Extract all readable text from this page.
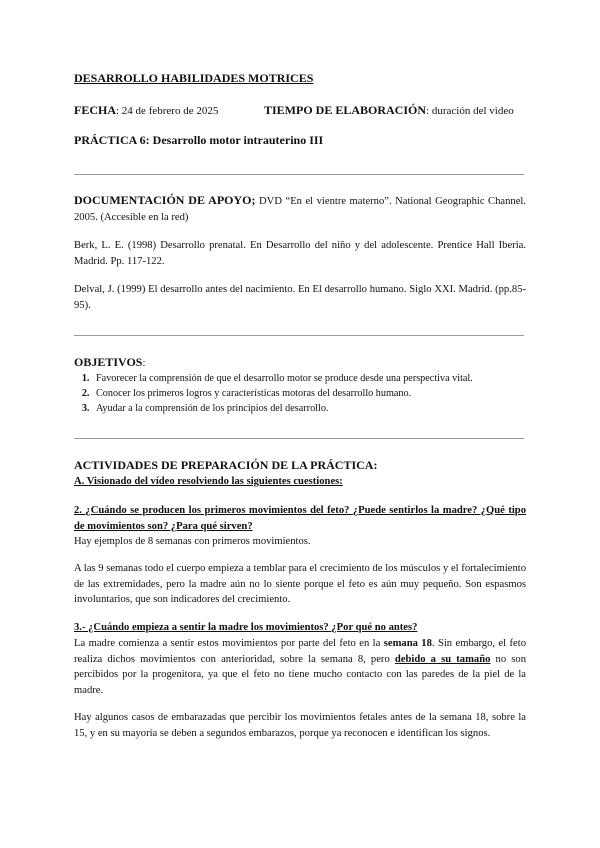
DESARROLLO HABILIDADES MOTRICES
FECHA: 24 de febrero de 2025	TIEMPO DE ELABORACIÓN: duración del video
PRÁCTICA 6: Desarrollo motor intrauterino III
DOCUMENTACIÓN DE APOYO; DVD “En el vientre materno”. National Geographic Channel. 2005. (Accesible en la red)
Berk, L. E. (1998) Desarrollo prenatal. En Desarrollo del niño y del adolescente. Prentice Hall Iberia. Madrid. Pp. 117-122.
Delval, J. (1999) El desarrollo antes del nacimiento. En El desarrollo humano. Siglo XXI. Madrid. (pp.85-95).
OBJETIVOS:
1. Favorecer la comprensión de que el desarrollo motor se produce desde una perspectiva vital.
2. Conocer los primeros logros y características motoras del desarrollo humano.
3. Ayudar a la comprensión de los principios del desarrollo.
ACTIVIDADES DE PREPARACIÓN DE LA PRÁCTICA:
A. Visionado del vídeo resolviendo las siguientes cuestiones:
2. ¿Cuándo se producen los primeros movimientos del feto? ¿Puede sentirlos la madre? ¿Qué tipo de movimientos son? ¿Para qué sirven?
Hay ejemplos de 8 semanas con primeros movimientos.
A las 9 semanas todo el cuerpo empieza a temblar para el crecimiento de los músculos y el fortalecimiento de las extremidades, pero la madre aún no lo siente porque el feto es aún muy pequeño. Son espasmos involuntarios, que son indicadores del crecimiento.
3.- ¿Cuándo empieza a sentir la madre los movimientos? ¿Por qué no antes?
La madre comienza a sentir estos movimientos por parte del feto en la semana 18. Sin embargo, el feto realiza dichos movimientos con anterioridad, sobre la semana 8, pero debido a su tamaño no son percibidos por la progenitora, ya que el feto no tiene mucho contacto con las paredes de la piel de la madre.
Hay algunos casos de embarazadas que percibir los movimientos fetales antes de la semana 18, sobre la 15, y en su mayoría se deben a segundos embarazos, porque ya reconocen e identifican los signos.
